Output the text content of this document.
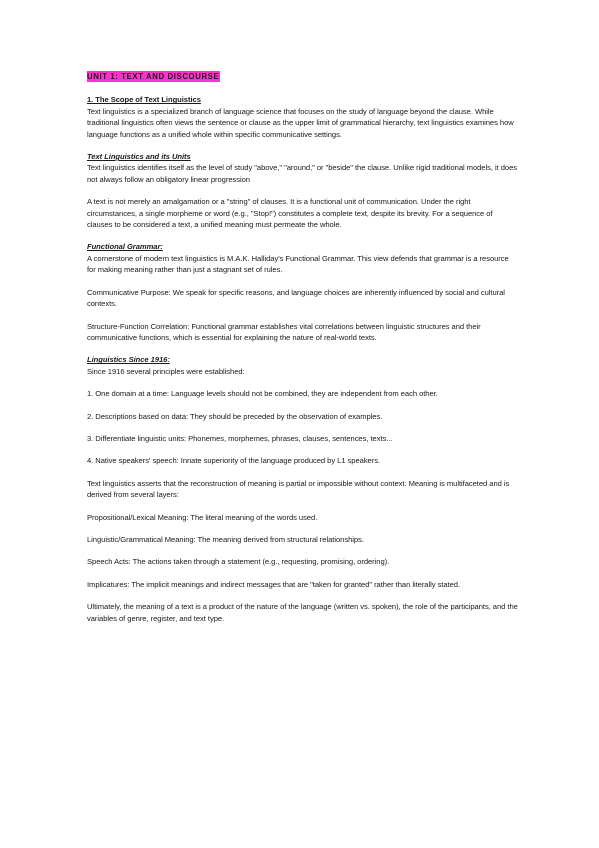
UNIT 1: TEXT AND DISCOURSE
1. The Scope of Text Linguistics

Text linguistics is a specialized branch of language science that focuses on the study of language beyond the clause. While traditional linguistics often views the sentence or clause as the upper limit of grammatical hierarchy, text linguistics examines how language functions as a unified whole within specific communicative settings.

Text Linguistics and its Units

Text linguistics identifies itself as the level of study "above," "around," or "beside" the clause. Unlike rigid traditional models, it does not always follow an obligatory linear progression

A text is not merely an amalgamation or a "string" of clauses. It is a functional unit of communication. Under the right circumstances, a single morpheme or word (e.g., "Stop!") constitutes a complete text, despite its brevity. For a sequence of clauses to be considered a text, a unified meaning must permeate the whole.

Functional Grammar:

A cornerstone of modern text linguistics is M.A.K. Halliday's Functional Grammar. This view defends that grammar is a resource for making meaning rather than just a stagnant set of rules.

Communicative Purpose: We speak for specific reasons, and language choices are inherently influenced by social and cultural contexts.

Structure-Function Correlation: Functional grammar establishes vital correlations between linguistic structures and their communicative functions, which is essential for explaining the nature of real-world texts.

Linguistics Since 1916:

Since 1916 several principles were established:

1. One domain at a time: Language levels should not be combined, they are independent from each other.

2. Descriptions based on data: They should be preceded by the observation of examples.

3. Differentiate linguistic units: Phonemes, morphemes, phrases, clauses, sentences, texts...

4. Native speakers' speech: Innate superiority of the language produced by L1 speakers.

Text linguistics asserts that the reconstruction of meaning is partial or impossible without context. Meaning is multifaceted and is derived from several layers:

Propositional/Lexical Meaning: The literal meaning of the words used.

Linguistic/Grammatical Meaning: The meaning derived from structural relationships.

Speech Acts: The actions taken through a statement (e.g., requesting, promising, ordering).

Implicatures: The implicit meanings and indirect messages that are "taken for granted" rather than literally stated.

Ultimately, the meaning of a text is a product of the nature of the language (written vs. spoken), the role of the participants, and the variables of genre, register, and text type.
